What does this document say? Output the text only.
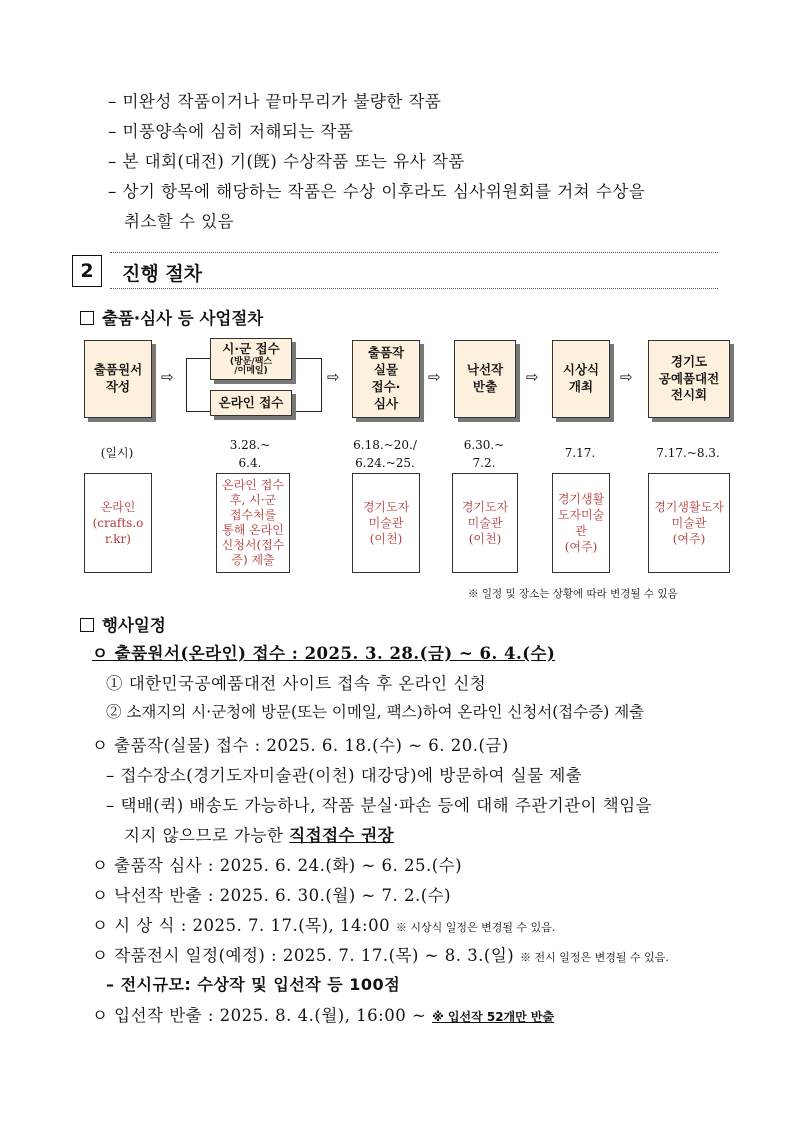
– 미완성 작품이거나 끝마무리가 불량한 작품
– 미풍양속에 심히 저해되는 작품
– 본 대회(대전) 기(旣) 수상작품 또는 유사 작품
– 상기 항목에 해당하는 작품은 수상 이후라도 심사위원회를 거쳐 수상을
취소할 수 있음
2	진행 절차
출품·심사 등 사업절차
출품원서
작성
⇨
시·군 접수
(방문/팩스
/이메일)
온라인 접수
⇨
출품작
실물
접수·
심사
⇨	낙선작
반출
⇨	시상식
개최
⇨
경기도
공예품대전
전시회
(일시)
3.28.~
6.4.
6.18.~20./
6.24.~25.
6.30.~
7.2.
7.17.	7.17.~8.3.
온라인
(crafts.o
r.kr)
온라인 접수
후, 시·군
접수처를
통해 온라인
신청서(접수
증) 제출
경기도자
미술관
(이천)
경기도자
미술관
(이천)
경기생활
도자미술
관
(여주)
경기생활도자
미술관
(여주)
※ 일정 및 장소는 상황에 따라 변경될 수 있음
행사일정
ㅇ 출품원서(온라인) 접수 : 2025. 3. 28.(금) ~ 6. 4.(수)
① 대한민국공예품대전 사이트 접속 후 온라인 신청
② 소재지의 시·군청에 방문(또는 이메일, 팩스)하여 온라인 신청서(접수증) 제출
ㅇ 출품작(실물) 접수 : 2025. 6. 18.(수) ~ 6. 20.(금)
– 접수장소(경기도자미술관(이천) 대강당)에 방문하여 실물 제출
– 택배(퀵) 배송도 가능하나, 작품 분실·파손 등에 대해 주관기관이 책임을
지지 않으므로 가능한 직접접수 권장
ㅇ 출품작 심사 : 2025. 6. 24.(화) ~ 6. 25.(수)
ㅇ 낙선작 반출 : 2025. 6. 30.(월) ~ 7. 2.(수)
ㅇ 시 상 식 : 2025. 7. 17.(목), 14:00 ※ 시상식 일정은 변경될 수 있음.
ㅇ 작품전시 일정(예정) : 2025. 7. 17.(목) ~ 8. 3.(일) ※ 전시 일정은 변경될 수 있음.
– 전시규모: 수상작 및 입선작 등 100점
ㅇ 입선작 반출 : 2025. 8. 4.(월), 16:00 ~ ※ 입선작 52개만 반출
